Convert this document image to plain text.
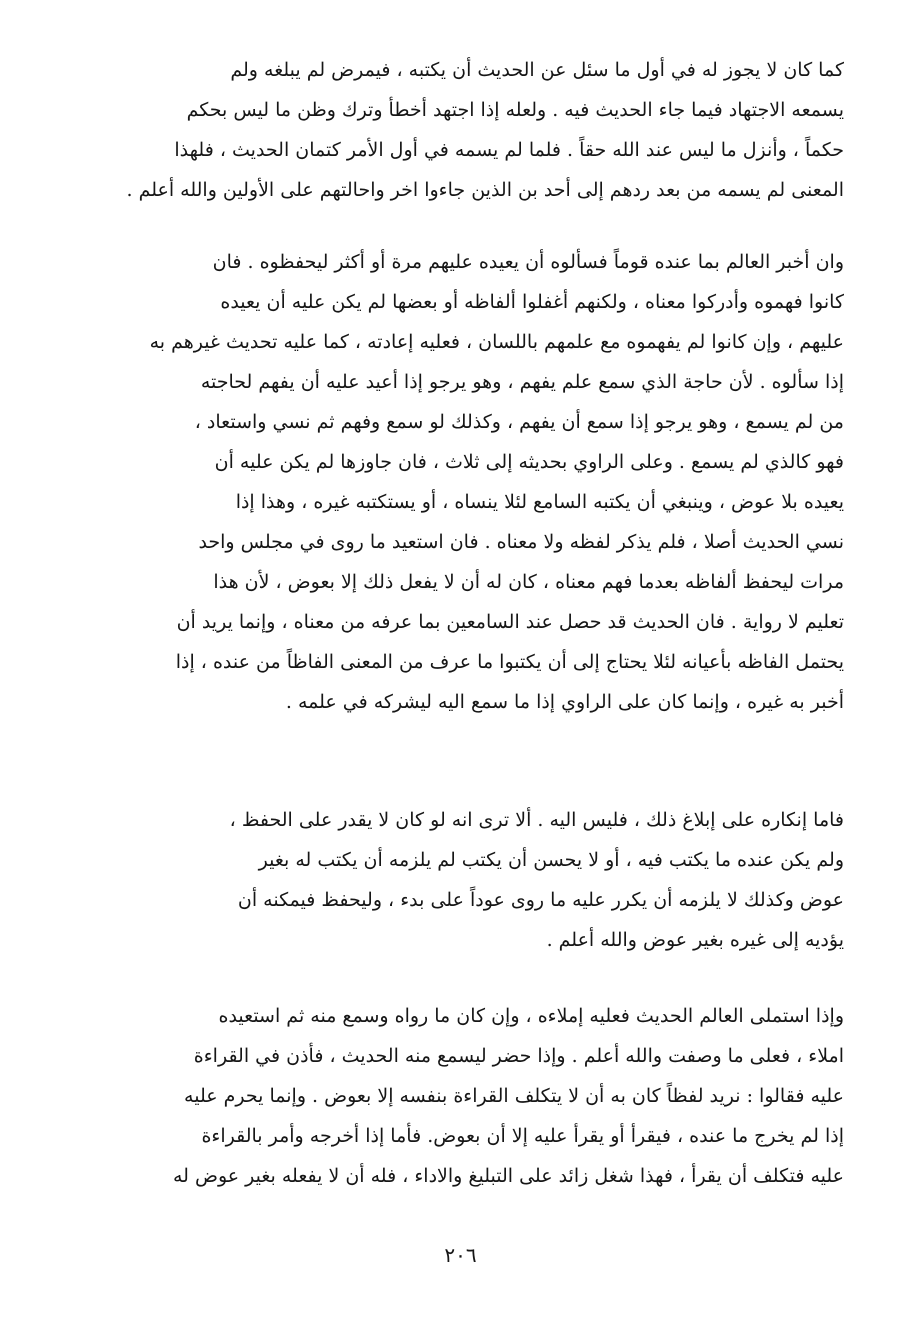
كما كان لا يجوز له في أول ما سئل عن الحديث أن يكتبه ، فيمرض لم يبلغه ولم
يسمعه الاجتهاد فيما جاء الحديث فيه . ولعله إذا اجتهد أخطأ وترك وظن ما ليس بحكم
حكماً ، وأنزل ما ليس عند الله حقاً . فلما لم يسمه في أول الأمر كتمان الحديث ، فلهذا
المعنى لم يسمه من بعد ردهم إلى أحد بن الذين جاءوا اخر واحالتهم على الأولين والله أعلم .
وان أخبر العالم بما عنده قوماً فسألوه أن يعيده عليهم مرة أو أكثر ليحفظوه . فان
كانوا فهموه وأدركوا معناه ، ولكنهم أغفلوا ألفاظه أو بعضها لم يكن عليه أن يعيده
عليهم ، وإن كانوا لم يفهموه مع علمهم باللسان ، فعليه إعادته ، كما عليه تحديث غيرهم به
إذا سألوه . لأن حاجة الذي سمع علم يفهم ، وهو يرجو إذا أعيد عليه أن يفهم لحاجته
من لم يسمع ، وهو يرجو إذا سمع أن يفهم ، وكذلك لو سمع وفهم ثم نسي واستعاد ،
فهو كالذي لم يسمع . وعلى الراوي بحديثه إلى ثلاث ، فان جاوزها لم يكن عليه أن
يعيده بلا عوض ، وينبغي أن يكتبه السامع لئلا ينساه ، أو يستكتبه غيره ، وهذا إذا
نسي الحديث أصلا ، فلم يذكر لفظه ولا معناه . فان استعيد ما روى في مجلس واحد
مرات ليحفظ ألفاظه بعدما فهم معناه ، كان له أن لا يفعل ذلك إلا بعوض ، لأن هذا
تعليم لا رواية . فان الحديث قد حصل عند السامعين بما عرفه من معناه ، وإنما يريد أن
يحتمل الفاظه بأعيانه لئلا يحتاج إلى أن يكتبوا ما عرف من المعنى الفاظاً من عنده ، إذا
أخبر به غيره ، وإنما كان على الراوي إذا ما سمع اليه ليشركه في علمه .
فاما إنكاره على إبلاغ ذلك ، فليس اليه . ألا ترى انه لو كان لا يقدر على الحفظ ،
ولم يكن عنده ما يكتب فيه ، أو لا يحسن أن يكتب لم يلزمه أن يكتب له بغير
عوض وكذلك لا يلزمه أن يكرر عليه ما روى عوداً على بدء ، وليحفظ فيمكنه أن
يؤديه إلى غيره بغير عوض والله أعلم .
وإذا استملى العالم الحديث فعليه إملاءه ، وإن كان ما رواه وسمع منه ثم استعيده
املاء ، فعلى ما وصفت والله أعلم . وإذا حضر ليسمع منه الحديث ، فأذن في القراءة
عليه فقالوا : نريد لفظاً كان به أن لا يتكلف القراءة بنفسه إلا بعوض . وإنما يحرم عليه
إذا لم يخرج ما عنده ، فيقرأ أو يقرأ عليه إلا أن بعوض. فأما إذا أخرجه وأمر بالقراءة
عليه فتكلف أن يقرأ ، فهذا شغل زائد على التبليغ والاداء ، فله أن لا يفعله بغير عوض له
٢٠٦
